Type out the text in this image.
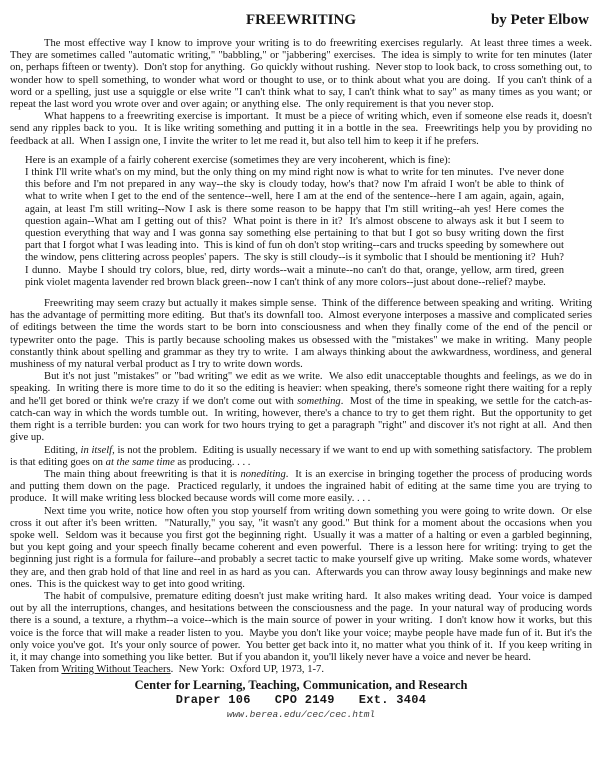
FREEWRITING	by Peter Elbow

The most effective way I know to improve your writing is to do freewriting exercises regularly.  At least three times a week.  They are sometimes called "automatic writing," "babbling," or "jabbering" exercises.  The idea is simply to write for ten minutes (later on, perhaps fifteen or twenty).  Don't stop for anything.  Go quickly without rushing.  Never stop to look back, to cross something out, to wonder how to spell something, to wonder what word or thought to use, or to think about what you are doing.  If you can't think of a word or a spelling, just use a squiggle or else write "I can't think what to say, I can't think what to say" as many times as you want; or repeat the last word you wrote over and over again; or anything else.  The only requirement is that you never stop.

What happens to a freewriting exercise is important.  It must be a piece of writing which, even if someone else reads it, doesn't send any ripples back to you.  It is like writing something and putting it in a bottle in the sea.  Freewritings help you by providing no feedback at all.  When I assign one, I invite the writer to let me read it, but also tell him to keep it if he prefers.

Here is an example of a fairly coherent exercise (sometimes they are very incoherent, which is fine):

I think I'll write what's on my mind, but the only thing on my mind right now is what to write for ten minutes.  I've never done this before and I'm not prepared in any way--the sky is cloudy today, how's that? now I'm afraid I won't be able to think of what to write when I get to the end of the sentence--well, here I am at the end of the sentence--here I am again, again, again, again, at least I'm still writing--Now I ask is there some reason to be happy that I'm still writing--ah yes! Here comes the question again--What am I getting out of this?  What point is there in it?  It's almost obscene to always ask it but I seem to question everything that way and I was gonna say something else pertaining to that but I got so busy writing down the first part that I forgot what I was leading into.  This is kind of fun oh don't stop writing--cars and trucks speeding by somewhere out the window, pens clittering across peoples' papers.  The sky is still cloudy--is it symbolic that I should be mentioning it?  Huh?  I dunno.  Maybe I should try colors, blue, red, dirty words--wait a minute--no can't do that, orange, yellow, arm tired, green pink violet magenta lavender red brown black green--now I can't think of any more colors--just about done--relief? maybe.

Freewriting may seem crazy but actually it makes simple sense.  Think of the difference between speaking and writing.  Writing has the advantage of permitting more editing.  But that's its downfall too.  Almost everyone interposes a massive and complicated series of editings between the time the words start to be born into consciousness and when they finally come of the end of the pencil or typewriter onto the page.  This is partly because schooling makes us obsessed with the "mistakes" we make in writing.  Many people constantly think about spelling and grammar as they try to write.  I am always thinking about the awkwardness, wordiness, and general mushiness of my natural verbal product as I try to write down words.

But it's not just "mistakes" or "bad writing" we edit as we write.  We also edit unacceptable thoughts and feelings, as we do in speaking.  In writing there is more time to do it so the editing is heavier: when speaking, there's someone right there waiting for a reply and he'll get bored or think we're crazy if we don't come out with something.  Most of the time in speaking, we settle for the catch-as-catch-can way in which the words tumble out.  In writing, however, there's a chance to try to get them right.  But the opportunity to get them right is a terrible burden: you can work for two hours trying to get a paragraph "right" and discover it's not right at all.  And then give up.

Editing, in itself, is not the problem.  Editing is usually necessary if we want to end up with something satisfactory.  The problem is that editing goes on at the same time as producing. . . .

The main thing about freewriting is that it is nonediting.  It is an exercise in bringing together the process of producing words and putting them down on the page.  Practiced regularly, it undoes the ingrained habit of editing at the same time you are trying to produce.  It will make writing less blocked because words will come more easily. . . .

Next time you write, notice how often you stop yourself from writing down something you were going to write down.  Or else cross it out after it's been written.  "Naturally," you say, "it wasn't any good." But think for a moment about the occasions when you spoke well.  Seldom was it because you first got the beginning right.  Usually it was a matter of a halting or even a garbled beginning, but you kept going and your speech finally became coherent and even powerful.  There is a lesson here for writing: trying to get the beginning just right is a formula for failure--and probably a secret tactic to make yourself give up writing.  Make some words, whatever they are, and then grab hold of that line and reel in as hard as you can.  Afterwards you can throw away lousy beginnings and make new ones.  This is the quickest way to get into good writing.

The habit of compulsive, premature editing doesn't just make writing hard.  It also makes writing dead.  Your voice is damped out by all the interruptions, changes, and hesitations between the consciousness and the page.  In your natural way of producing words there is a sound, a texture, a rhythm--a voice--which is the main source of power in your writing.  I don't know how it works, but this voice is the force that will make a reader listen to you.  Maybe you don't like your voice; maybe people have made fun of it. But it's the only voice you've got.  It's your only source of power.  You better get back into it, no matter what you think of it.  If you keep writing in it, it may change into something you like better.  But if you abandon it, you'll likely never have a voice and never be heard.

Taken from Writing Without Teachers.  New York:  Oxford UP, 1973, 1-7.

Center for Learning, Teaching, Communication, and Research
Draper 106 CPO 2149 Ext. 3404
www.berea.edu/cec/cec.html
